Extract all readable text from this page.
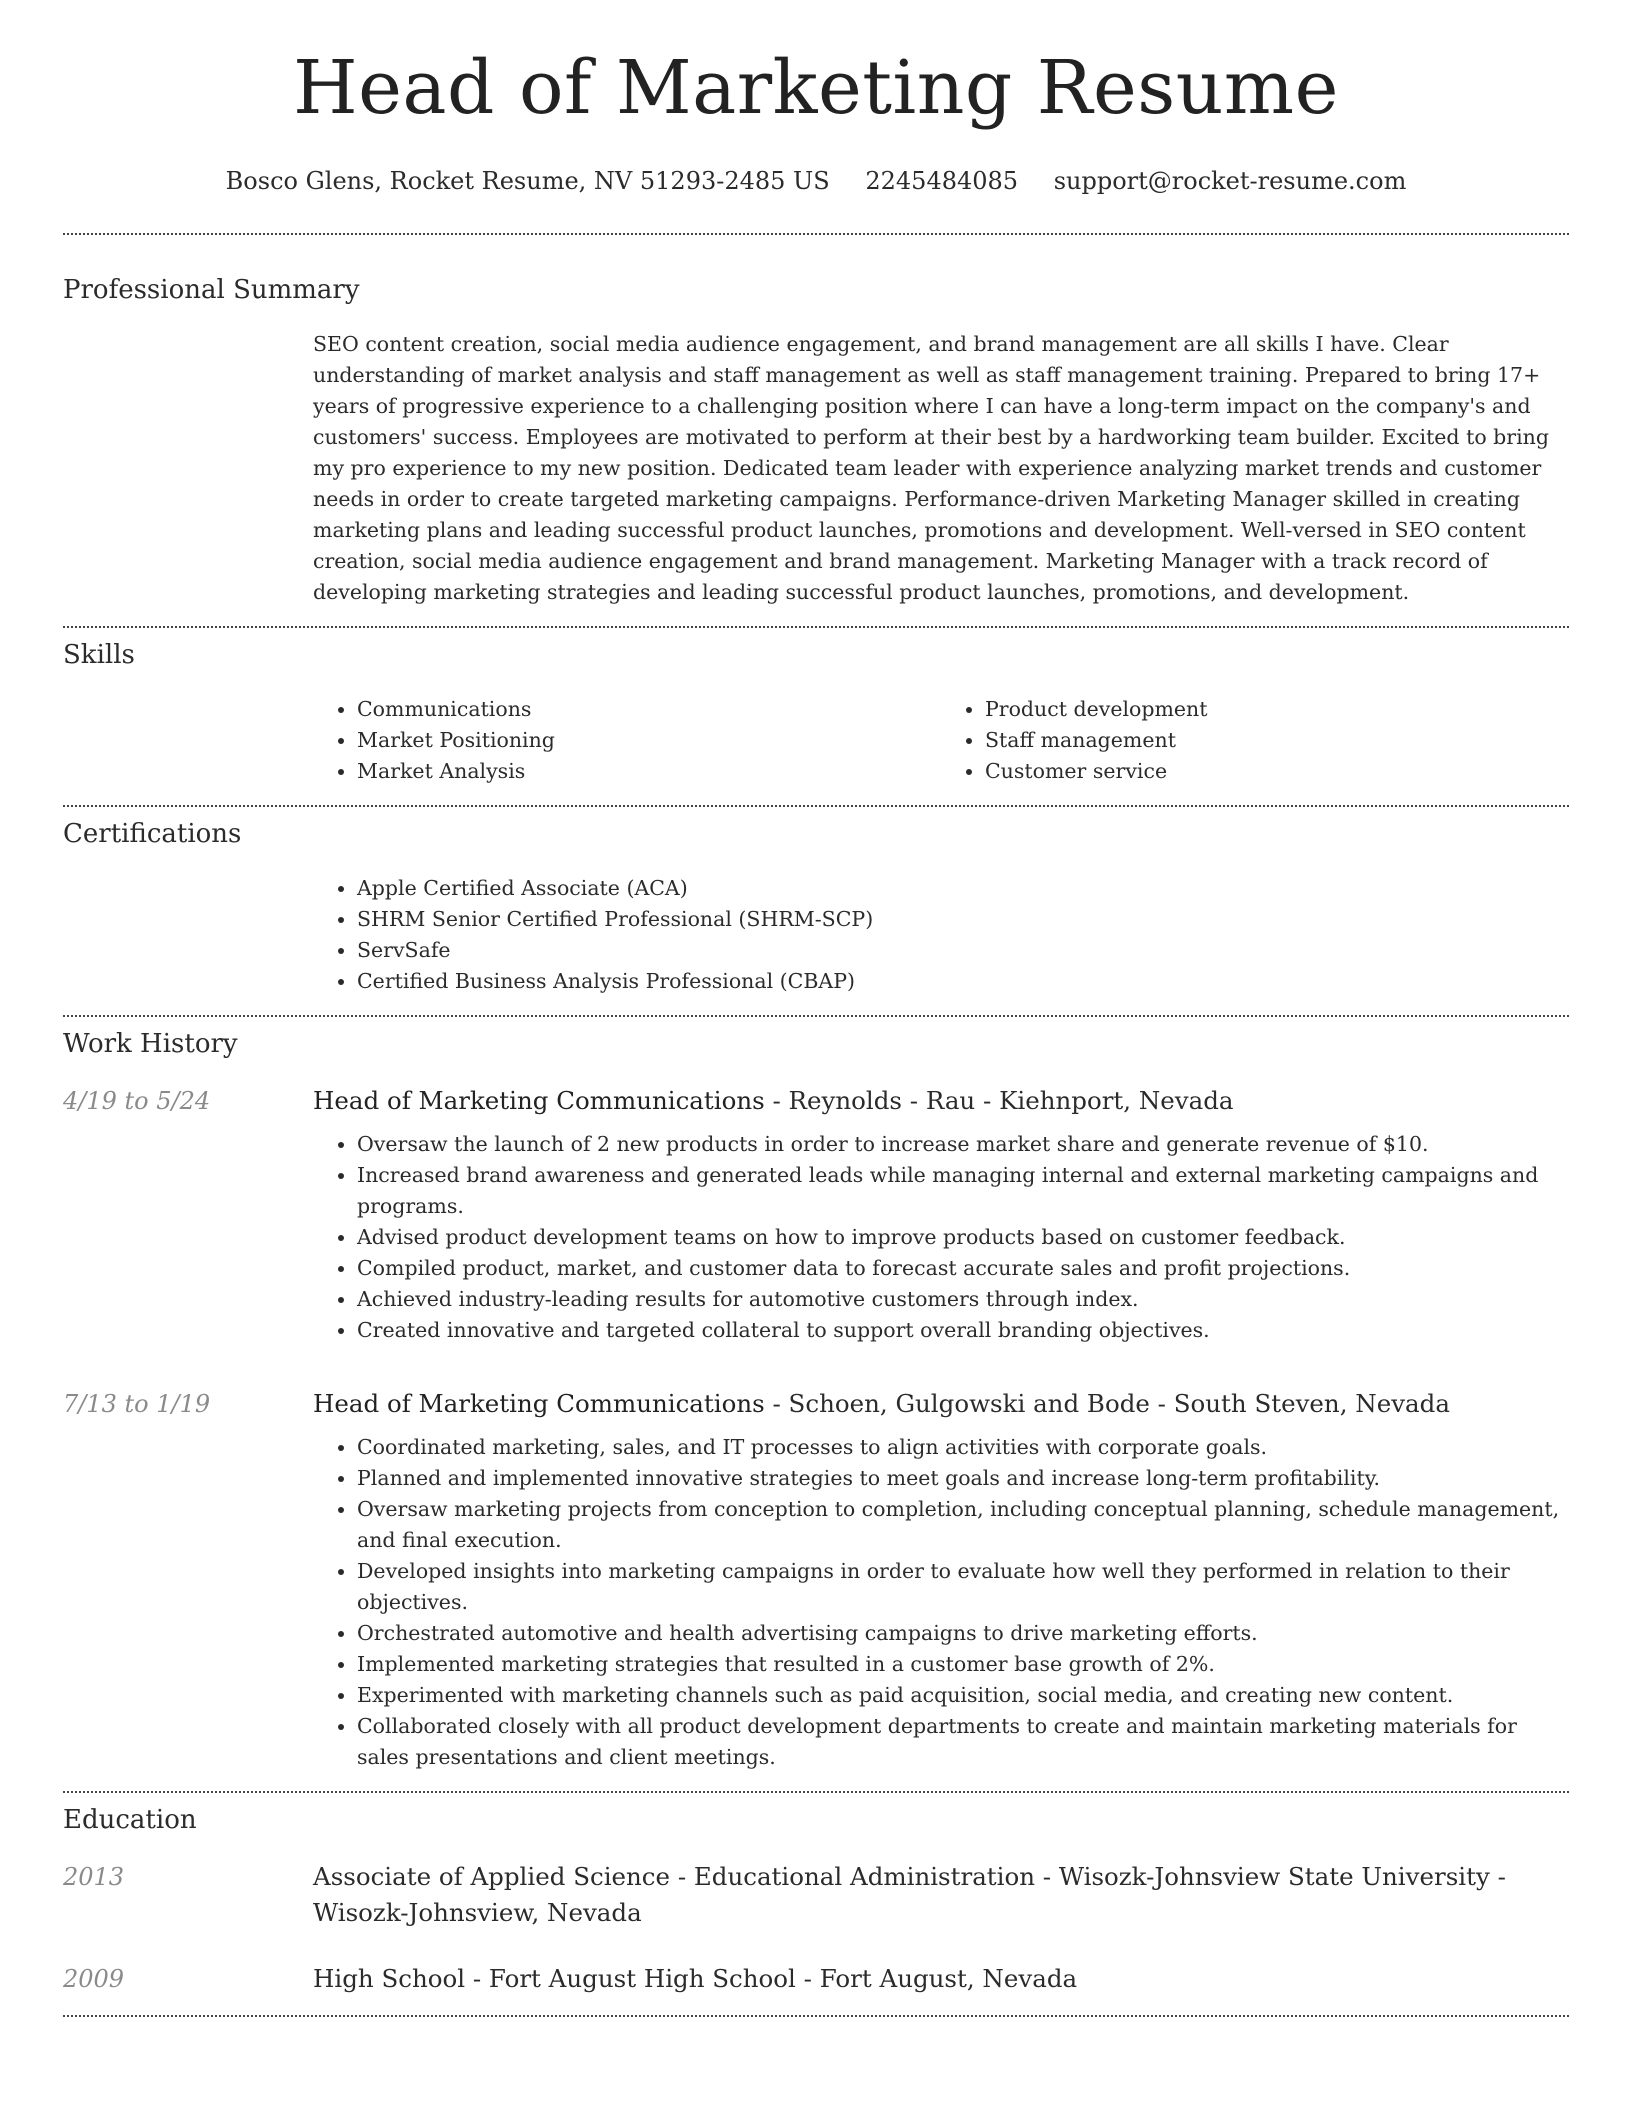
Head of Marketing Resume
Bosco Glens, Rocket Resume, NV 51293-2485 US 2245484085 support@rocket-resume.com
Professional Summary

SEO content creation, social media audience engagement, and brand management are all skills I have. Clear understanding of market analysis and staff management as well as staff management training. Prepared to bring 17+ years of progressive experience to a challenging position where I can have a long-term impact on the company's and customers' success. Employees are motivated to perform at their best by a hardworking team builder. Excited to bring my pro experience to my new position. Dedicated team leader with experience analyzing market trends and customer needs in order to create targeted marketing campaigns. Performance-driven Marketing Manager skilled in creating marketing plans and leading successful product launches, promotions and development. Well-versed in SEO content creation, social media audience engagement and brand management. Marketing Manager with a track record of developing marketing strategies and leading successful product launches, promotions, and development.

Skills
• Communications
• Market Positioning
• Market Analysis
• Product development
• Staff management
• Customer service
Certifications
• Apple Certified Associate (ACA)
• SHRM Senior Certified Professional (SHRM-SCP)
• ServSafe
• Certified Business Analysis Professional (CBAP)
Work History
4/19 to 5/24	Head of Marketing Communications - Reynolds - Rau - Kiehnport, Nevada
• Oversaw the launch of 2 new products in order to increase market share and generate revenue of $10.
• Increased brand awareness and generated leads while managing internal and external marketing campaigns and programs.
• Advised product development teams on how to improve products based on customer feedback.
• Compiled product, market, and customer data to forecast accurate sales and profit projections.
• Achieved industry-leading results for automotive customers through index.
• Created innovative and targeted collateral to support overall branding objectives.
7/13 to 1/19	Head of Marketing Communications - Schoen, Gulgowski and Bode - South Steven, Nevada
• Coordinated marketing, sales, and IT processes to align activities with corporate goals.
• Planned and implemented innovative strategies to meet goals and increase long-term profitability.
• Oversaw marketing projects from conception to completion, including conceptual planning, schedule management, and final execution.
• Developed insights into marketing campaigns in order to evaluate how well they performed in relation to their objectives.
• Orchestrated automotive and health advertising campaigns to drive marketing efforts.
• Implemented marketing strategies that resulted in a customer base growth of 2%.
• Experimented with marketing channels such as paid acquisition, social media, and creating new content.
• Collaborated closely with all product development departments to create and maintain marketing materials for sales presentations and client meetings.
Education
2013	Associate of Applied Science - Educational Administration - Wisozk-Johnsview State University - Wisozk-Johnsview, Nevada
2009	High School - Fort August High School - Fort August, Nevada
